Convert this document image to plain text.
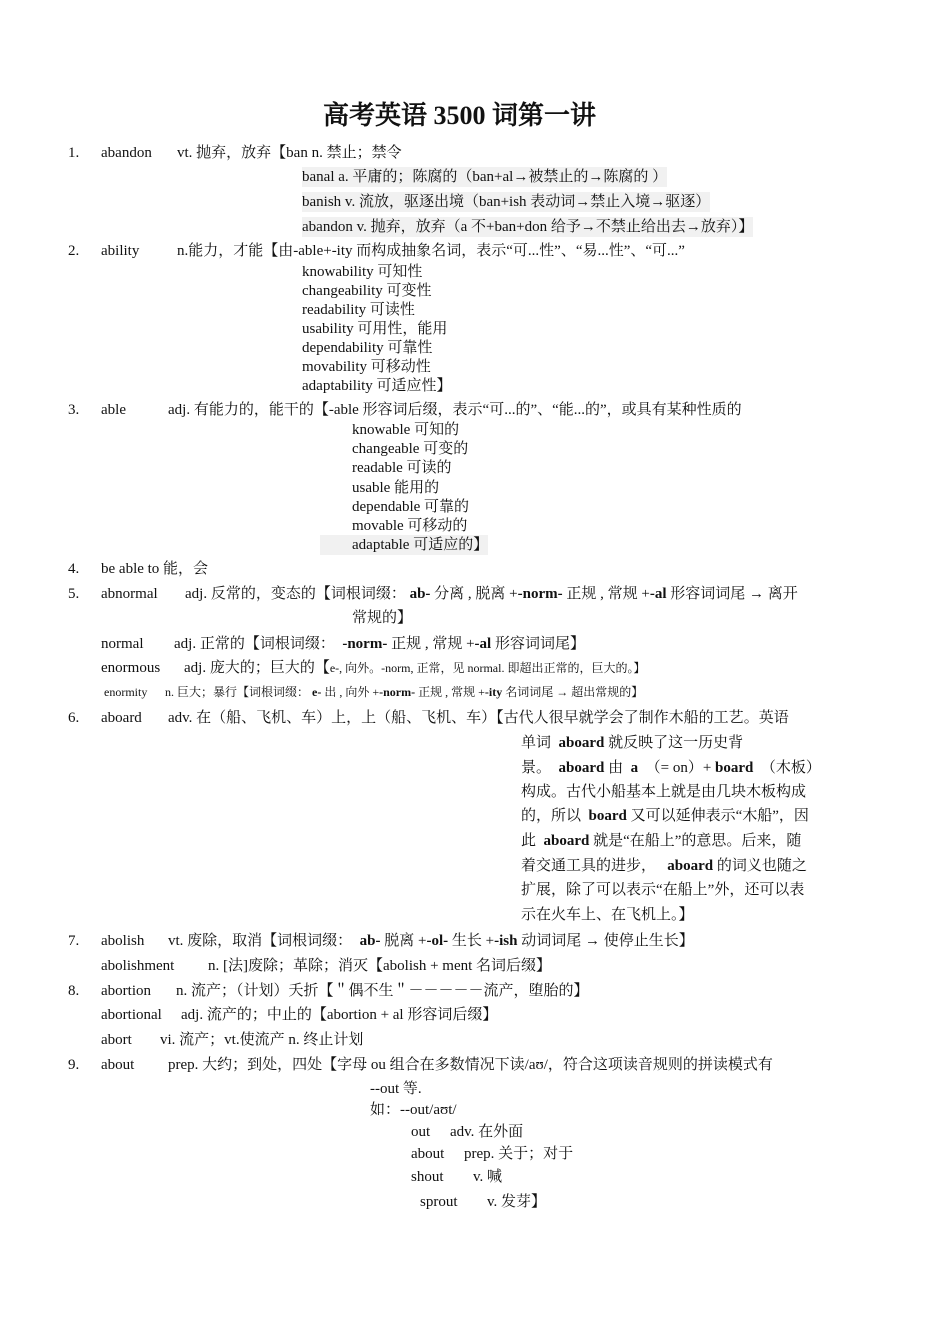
高考英语 3500 词第一讲
1. abandon vt. 抛弃，放弃【ban n. 禁止；禁令
banal a. 平庸的；陈腐的（ban+al→被禁止的→陈腐的 ）
banish v. 流放，驱逐出境（ban+ish 表动词→禁止入境→驱逐）
abandon v. 抛弃，放弃（a 不+ban+don 给予→不禁止给出去→放弃）】
2. ability	n.能力，才能【由-able+-ity 而构成抽象名词，表示“可...性”、“易...性”、“可...”
knowability 可知性
changeability 可变性
readability 可读性
usability 可用性，能用
dependability 可靠性
movability 可移动性
adaptability 可适应性】
3. able	adj. 有能力的，能干的【-able 形容词后缀，表示“可...的”、“能...的”，或具有某种性质的
knowable 可知的
changeable 可变的
readable 可读的
usable 能用的
dependable 可靠的
movable 可移动的
adaptable 可适应的】
4. be able to 能，会
5. abnormal adj. 反常的，变态的【词根词缀： ab- 分离 , 脱离 +-norm- 正规 , 常规 +-al 形容词词尾 → 离开
常规的】
normal adj. 正常的【词根词缀： -norm- 正规 , 常规 +-al 形容词词尾】
enormous adj. 庞大的；巨大的【e-, 向外。-norm, 正常，见 normal. 即超出正常的，巨大的。】
enormity n. 巨大；暴行【词根词缀： e- 出 , 向外 +-norm- 正规 , 常规 +-ity 名词词尾 → 超出常规的】
6. aboard adv. 在（船、飞机、车）上，上（船、飞机、车）【古代人很早就学会了制作木船的工艺。英语
单词 aboard 就反映了这一历史背
景。 aboard 由 a （= on）+ board （木板）
构成。古代小船基本上就是由几块木板构成
的，所以 board 又可以延伸表示“木船”，因
此 aboard 就是“在船上”的意思。后来，随
着交通工具的进步， aboard 的词义也随之
扩展，除了可以表示“在船上”外，还可以表
示在火车上、在飞机上。】
7. abolish vt. 废除，取消【词根词缀： ab- 脱离 +-ol- 生长 +-ish 动词词尾 → 使停止生长】
abolishment n. [法]废除；革除；消灭【abolish + ment 名词后缀】
8. abortion n. 流产；（计划）夭折【＂偶不生＂－－－－－流产，堕胎的】
abortional adj. 流产的；中止的【abortion + al 形容词后缀】
abort vi. 流产；vt.使流产 n. 终止计划
9. about prep. 大约；到处，四处【字母 ou 组合在多数情况下读/aʊ/，符合这项读音规则的拼读模式有
--out 等.
如：--out/aʊt/
out adv. 在外面
about prep. 关于；对于
shout v. 喊
sprout v. 发芽】
